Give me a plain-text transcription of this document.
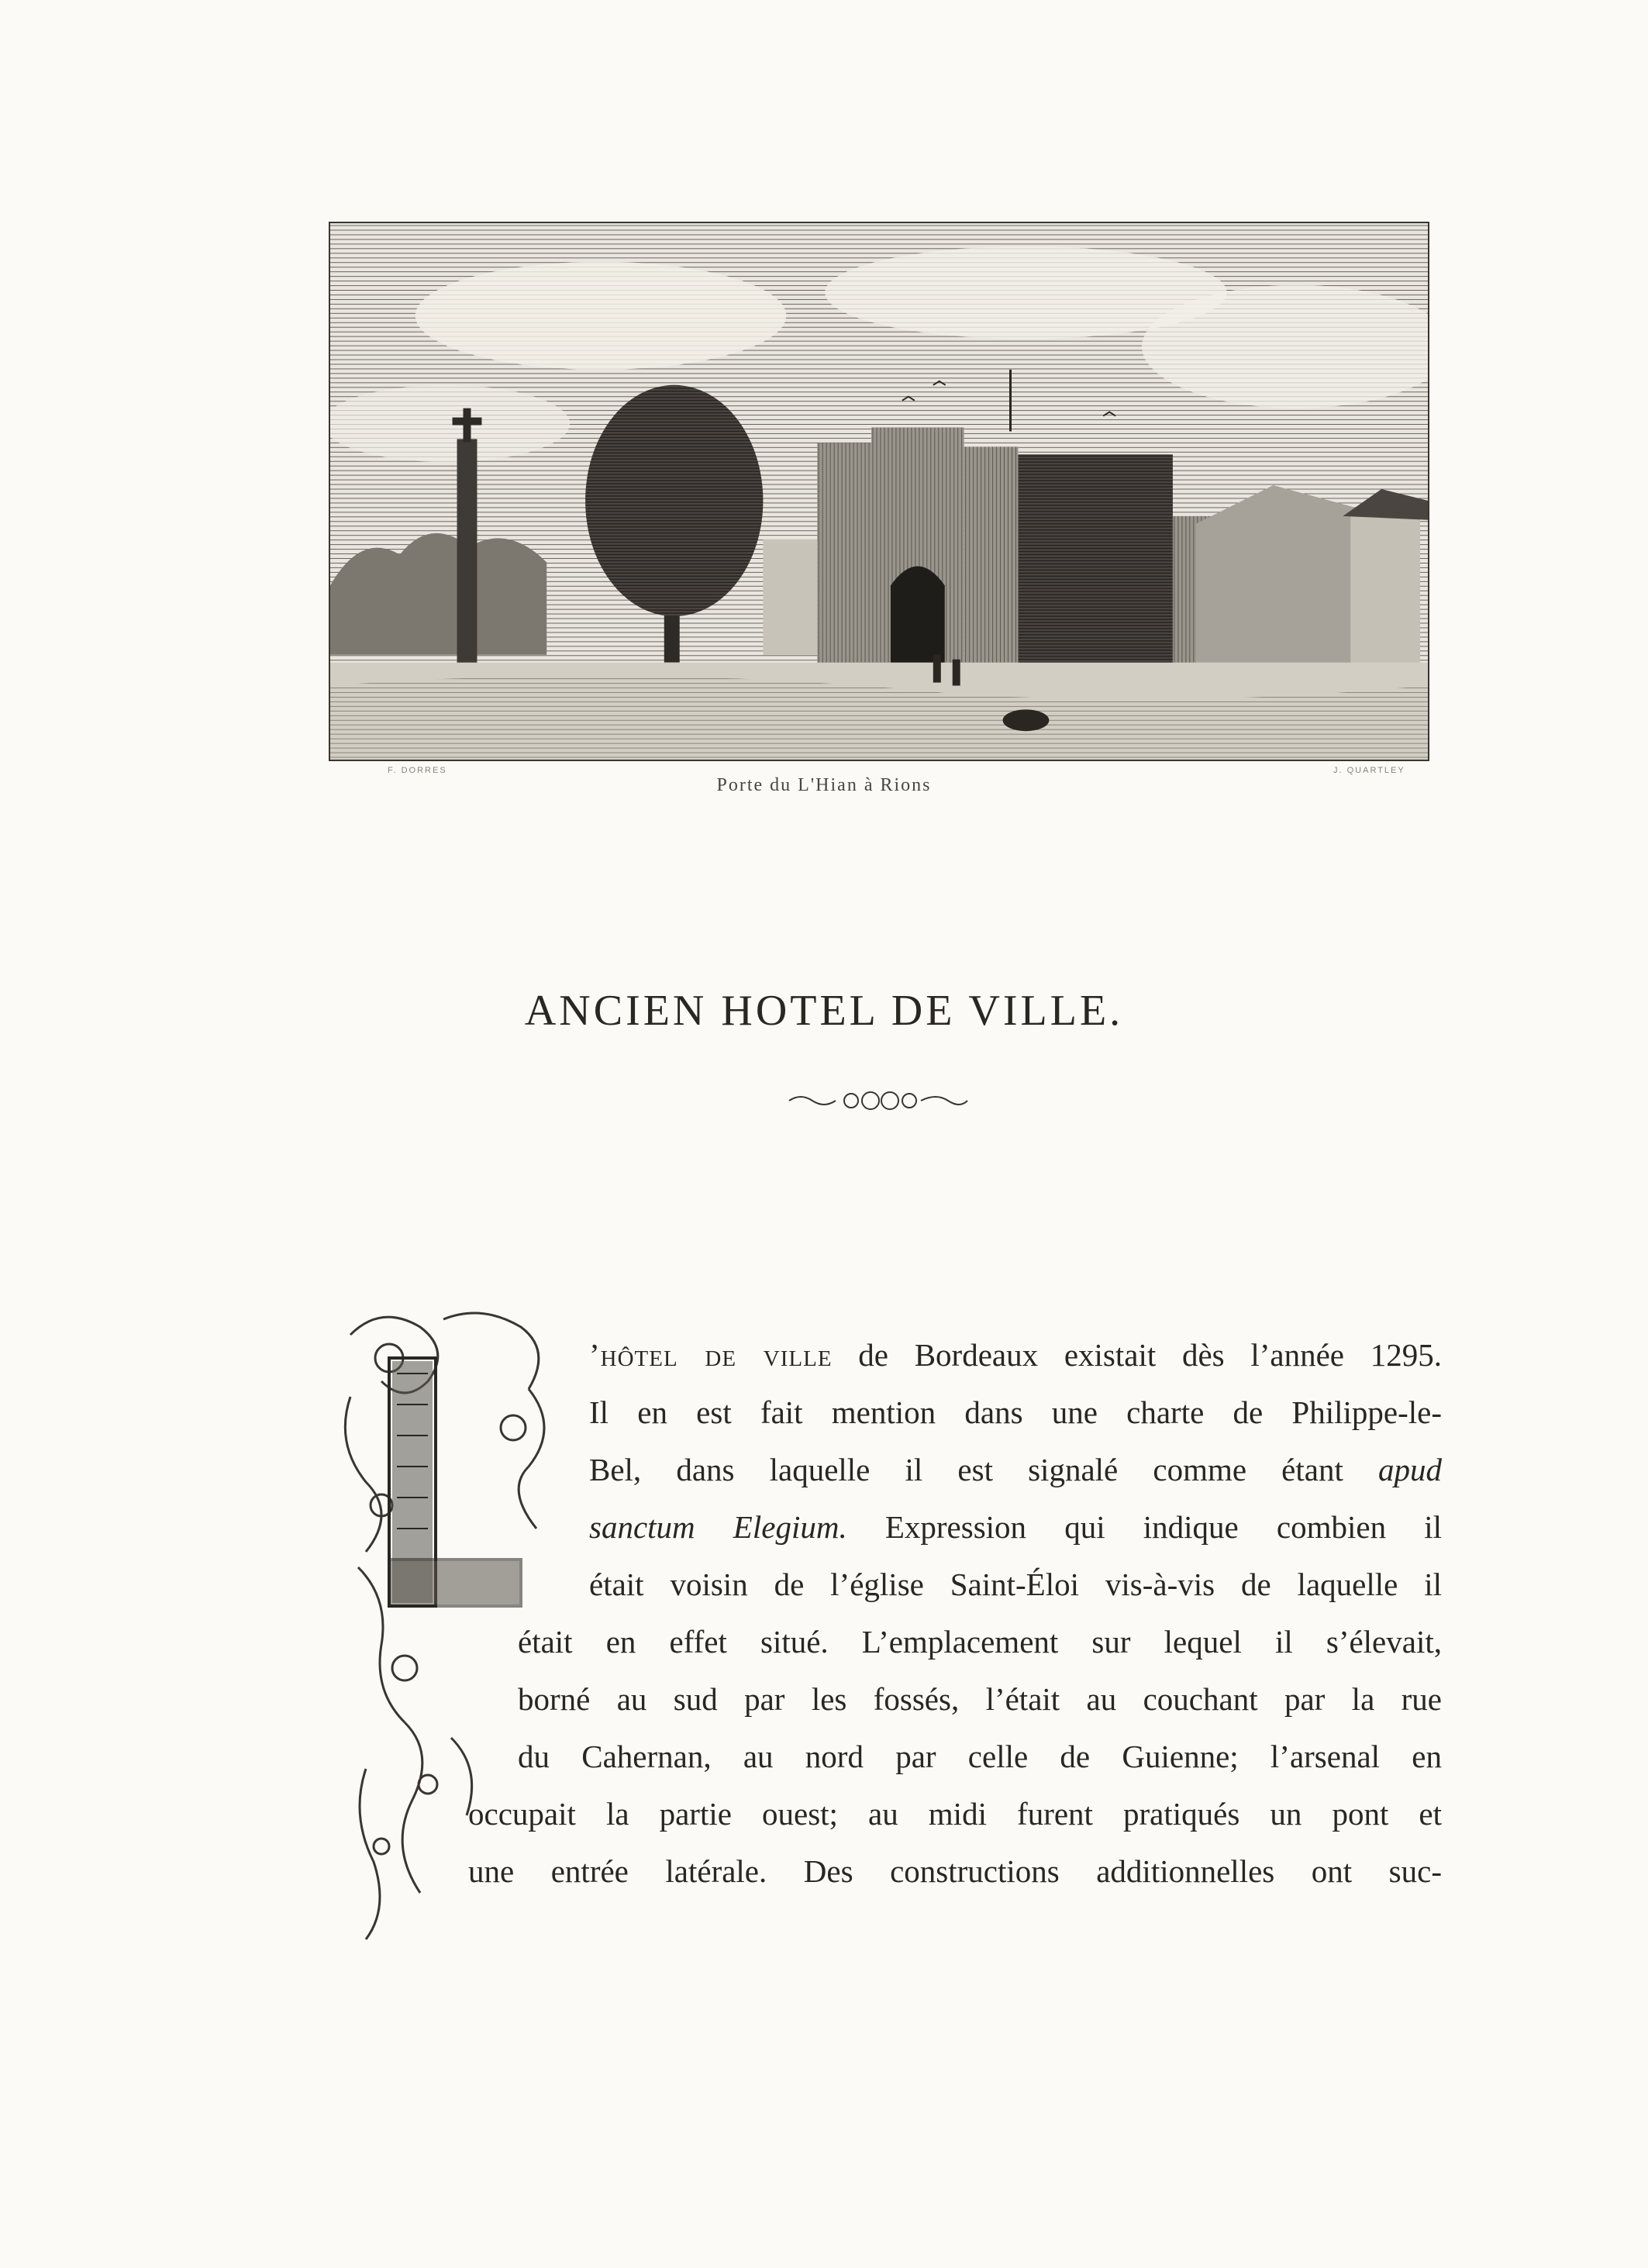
F. DORRES	J. QUARTLEY
Porte du L'Hian à Rions
ANCIEN HOTEL DE VILLE.
’hôtel de ville de Bordeaux existait dès l’année 1295.
Il en est fait mention dans une charte de Philippe-le-
Bel, dans laquelle il est signalé comme étant apud
sanctum Elegium. Expression qui indique combien il
était voisin de l’église Saint-Éloi vis-à-vis de laquelle il
était en effet situé. L’emplacement sur lequel il s’élevait,
borné au sud par les fossés, l’était au couchant par la rue
du Cahernan, au nord par celle de Guienne; l’arsenal en
occupait la partie ouest; au midi furent pratiqués un pont et
une entrée latérale. Des constructions additionnelles ont suc-
